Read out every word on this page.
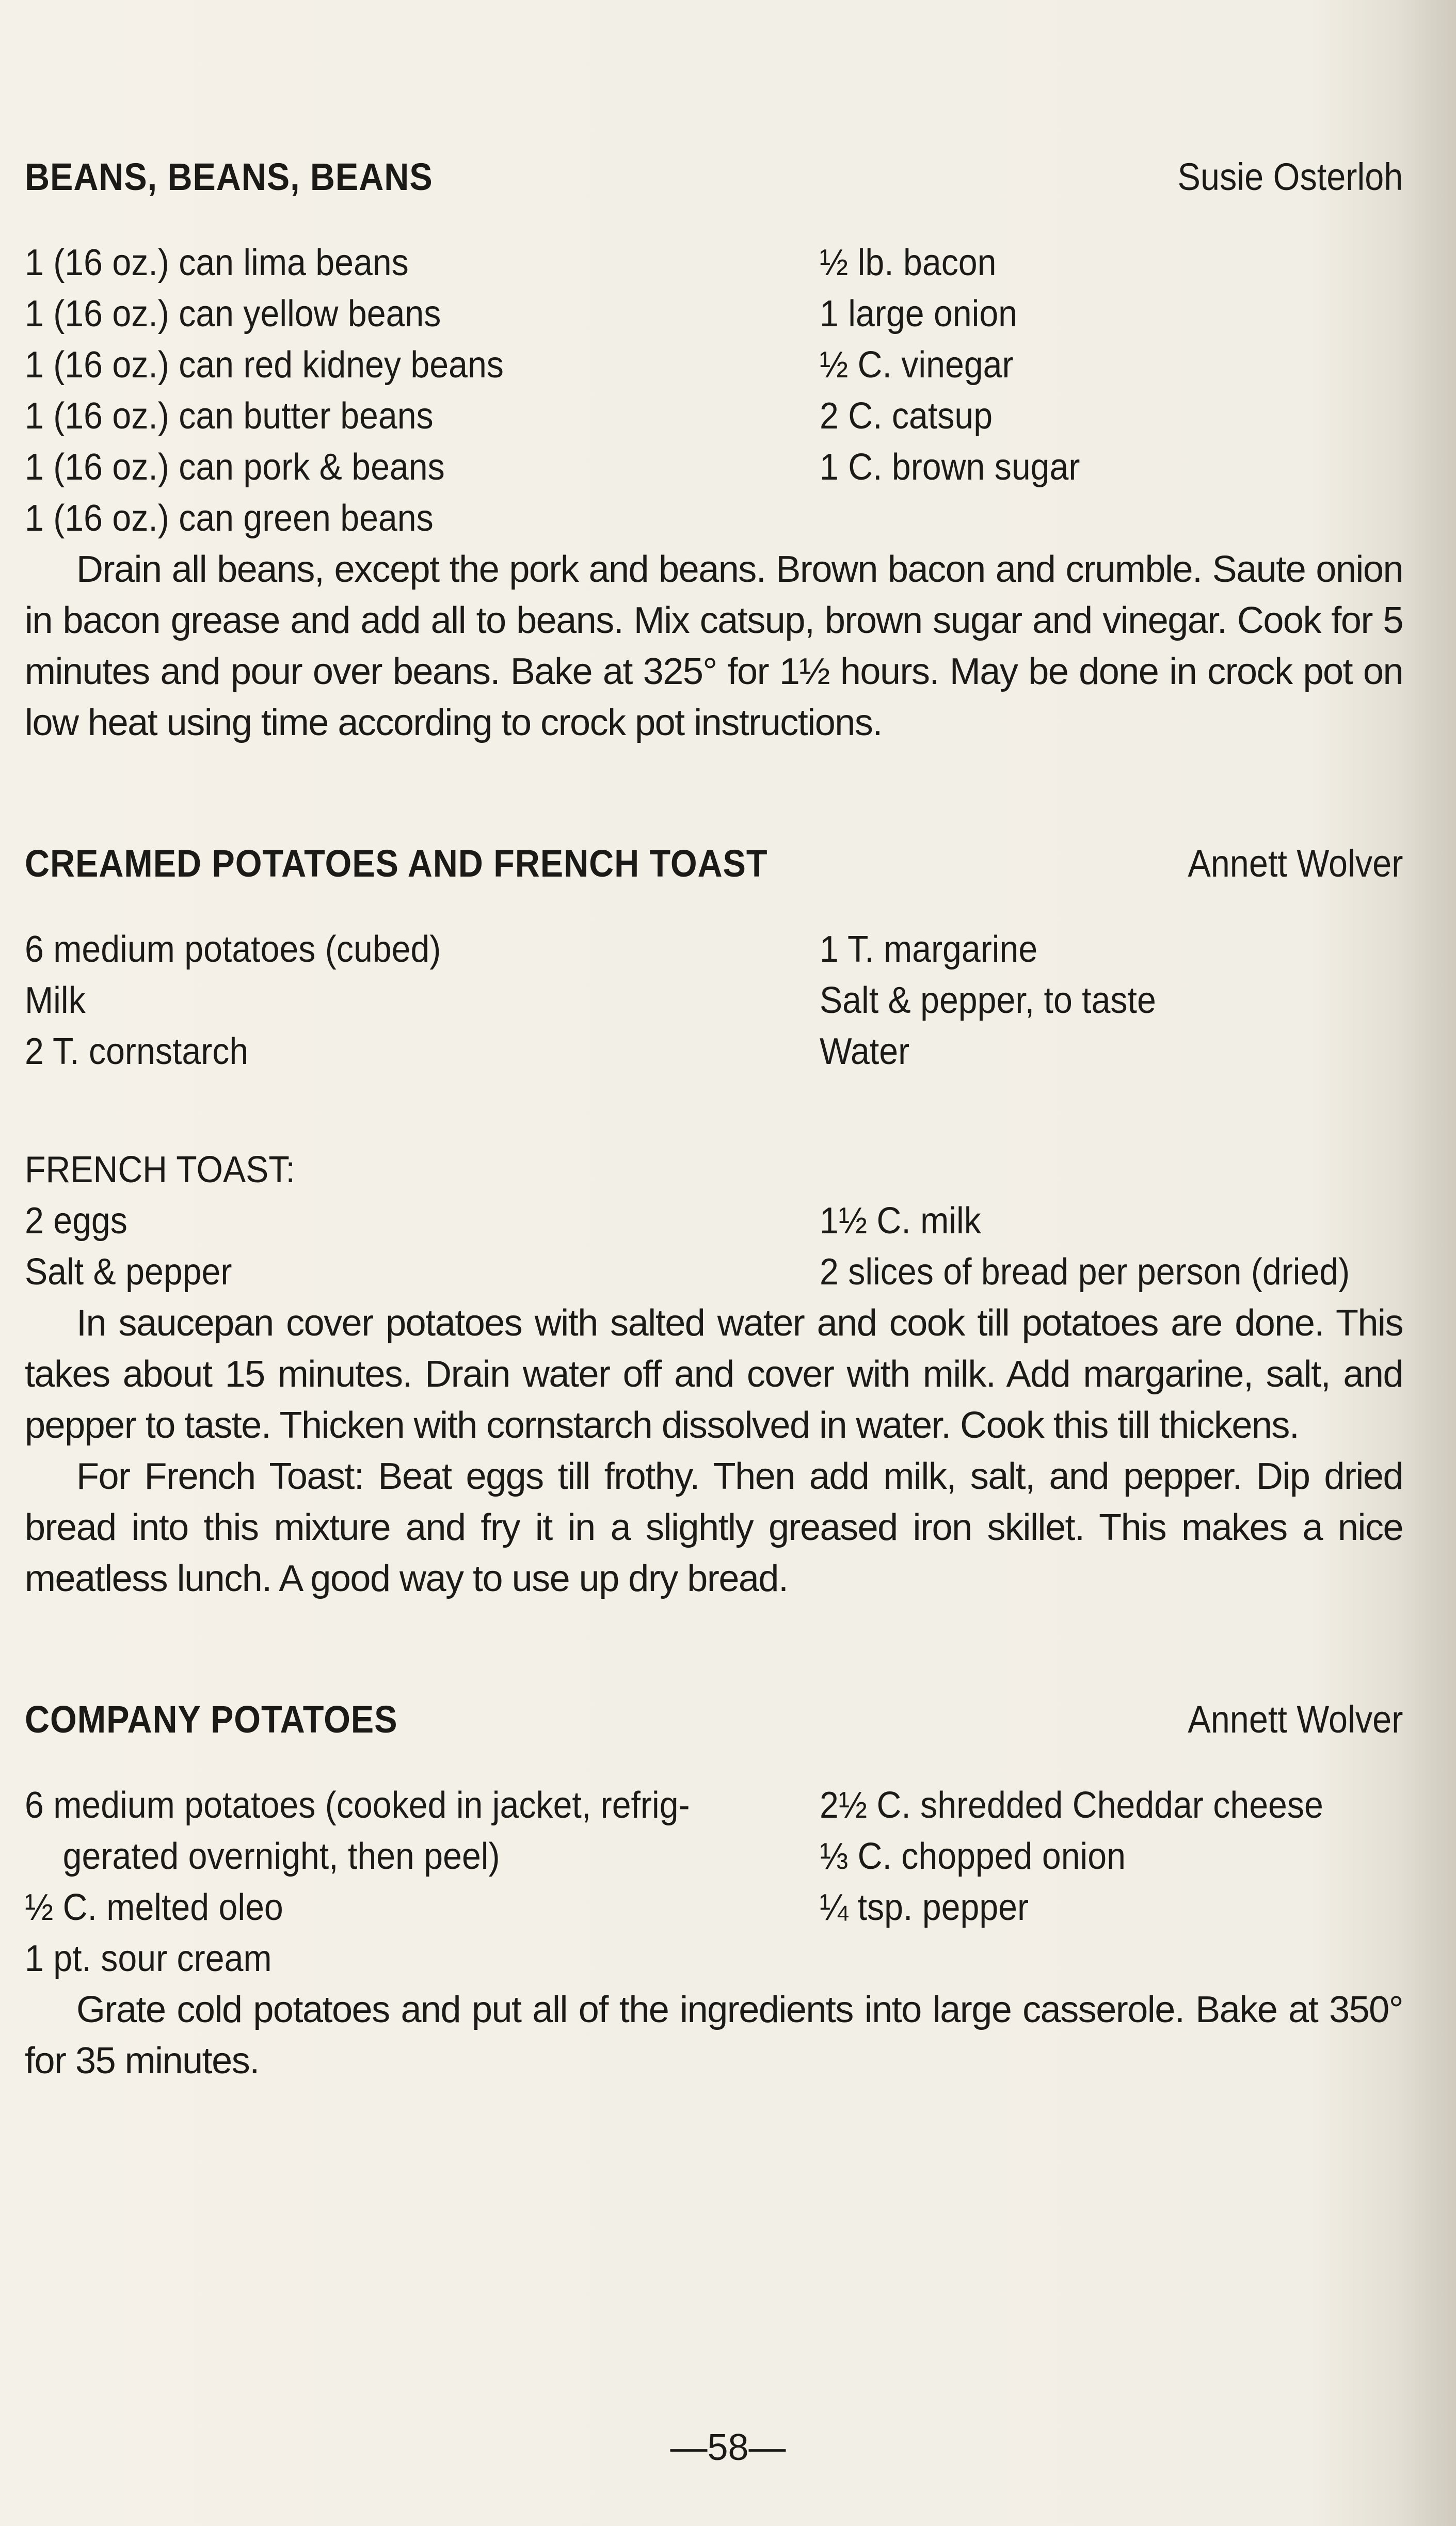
BEANS, BEANS, BEANS	Susie Osterloh
1 (16 oz.) can lima beans
1 (16 oz.) can yellow beans
1 (16 oz.) can red kidney beans
1 (16 oz.) can butter beans
1 (16 oz.) can pork & beans
1 (16 oz.) can green beans
½ lb. bacon
1 large onion
½ C. vinegar
2 C. catsup
1 C. brown sugar

Drain all beans, except the pork and beans. Brown bacon and crumble. Saute onion in bacon grease and add all to beans. Mix catsup, brown sugar and vinegar. Cook for 5 minutes and pour over beans. Bake at 325° for 1½ hours. May be done in crock pot on low heat using time according to crock pot instructions.

CREAMED POTATOES AND FRENCH TOAST	Annett Wolver
6 medium potatoes (cubed)
Milk
2 T. cornstarch
1 T. margarine
Salt & pepper, to taste
Water
FRENCH TOAST:
2 eggs
Salt & pepper
1½ C. milk
2 slices of bread per person (dried)

In saucepan cover potatoes with salted water and cook till potatoes are done. This takes about 15 minutes. Drain water off and cover with milk. Add margarine, salt, and pepper to taste. Thicken with cornstarch dissolved in water. Cook this till thickens.

For French Toast: Beat eggs till frothy. Then add milk, salt, and pepper. Dip dried bread into this mixture and fry it in a slightly greased iron skillet. This makes a nice meatless lunch. A good way to use up dry bread.

COMPANY POTATOES	Annett Wolver
6 medium potatoes (cooked in jacket, refrig-
gerated overnight, then peel)
½ C. melted oleo
1 pt. sour cream
2½ C. shredded Cheddar cheese
⅓ C. chopped onion
¼ tsp. pepper

Grate cold potatoes and put all of the ingredients into large casserole. Bake at 350° for 35 minutes.

—58—
